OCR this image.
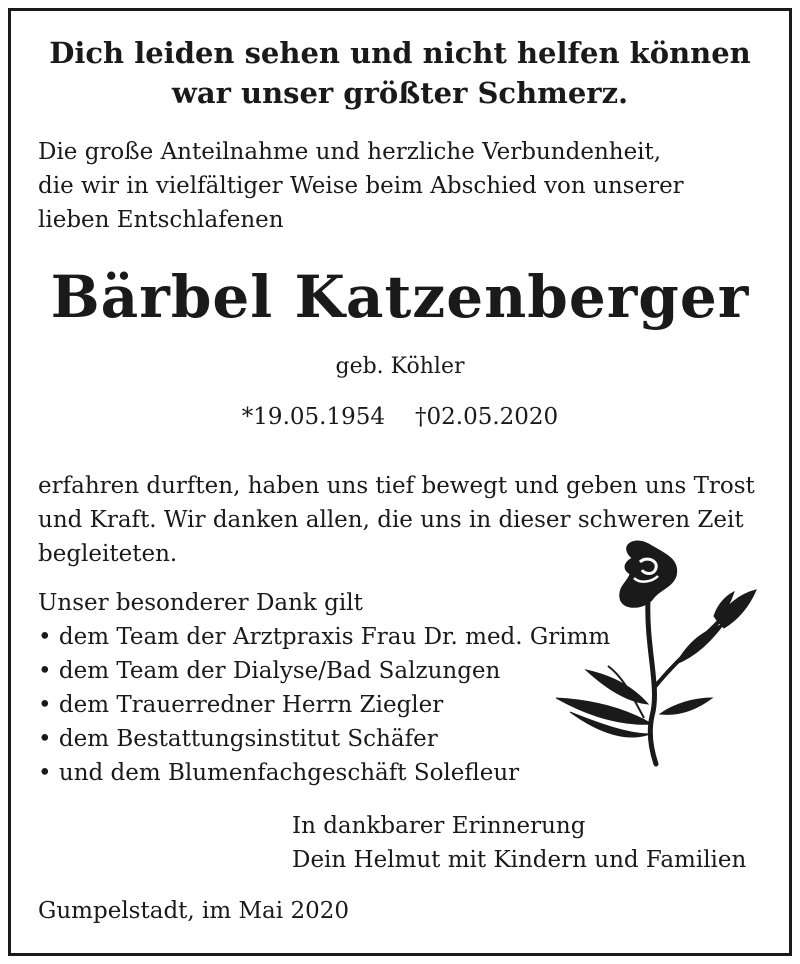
Dich leiden sehen und nicht helfen können
war unser größter Schmerz.
Die große Anteilnahme und herzliche Verbundenheit,
die wir in vielfältiger Weise beim Abschied von unserer
lieben Entschlafenen
Bärbel Katzenberger
geb. Köhler
*19.05.1954 †02.05.2020
erfahren durften, haben uns tief bewegt und geben uns Trost
und Kraft. Wir danken allen, die uns in dieser schweren Zeit
begleiteten.
Unser besonderer Dank gilt
• dem Team der Arztpraxis Frau Dr. med. Grimm
• dem Team der Dialyse/Bad Salzungen
• dem Trauerredner Herrn Ziegler
• dem Bestattungsinstitut Schäfer
• und dem Blumenfachgeschäft Solefleur
In dankbarer Erinnerung
Dein Helmut mit Kindern und Familien
Gumpelstadt, im Mai 2020
